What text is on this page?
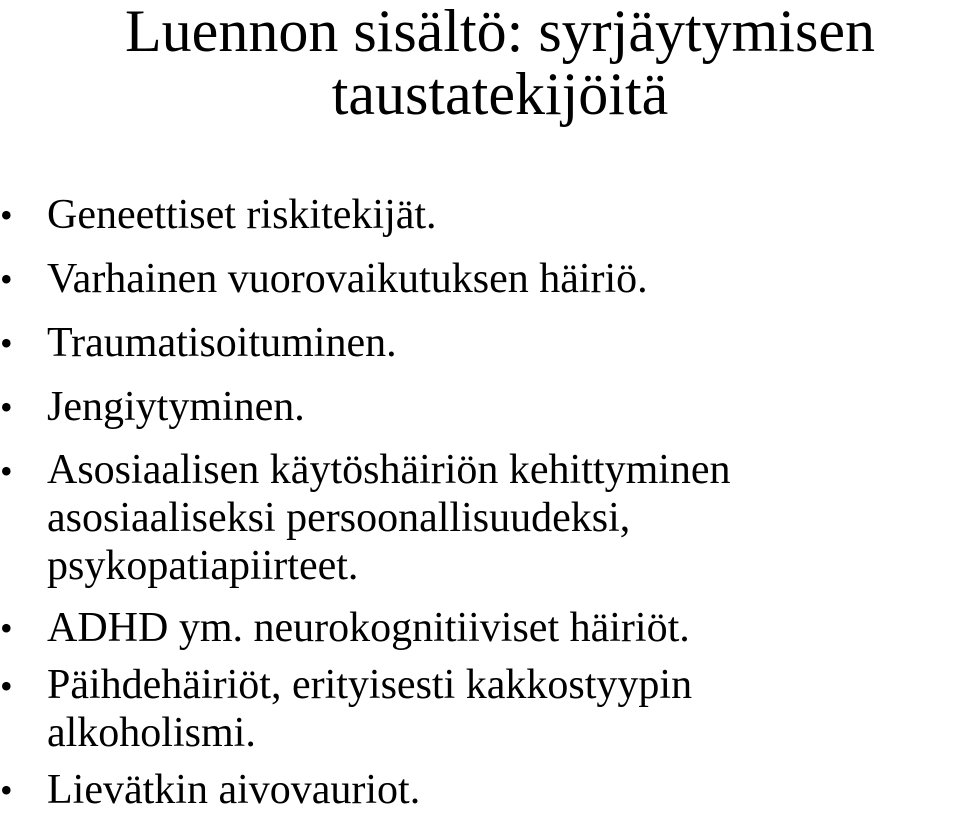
Luennon sisältö: syrjäytymisen
taustatekijöitä
• Geneettiset riskitekijät.
• Varhainen vuorovaikutuksen häiriö.
• Traumatisoituminen.
• Jengiytyminen.
• Asosiaalisen käytöshäiriön kehittyminen
asosiaaliseksi persoonallisuudeksi,
psykopatiapiirteet.
• ADHD ym. neurokognitiiviset häiriöt.
• Päihdehäiriöt, erityisesti kakkostyypin
alkoholismi.
• Lievätkin aivovauriot.
